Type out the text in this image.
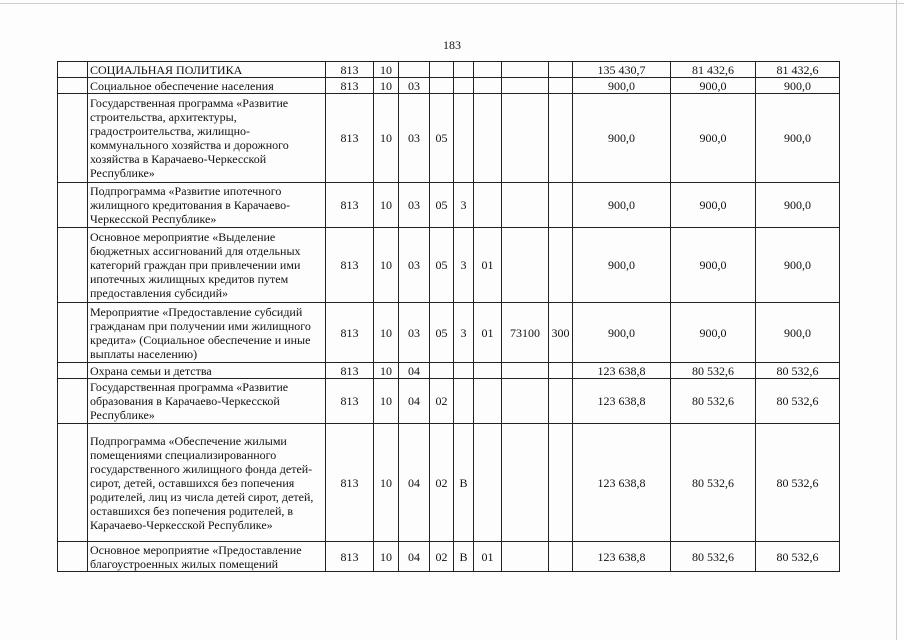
183
	СОЦИАЛЬНАЯ ПОЛИТИКА	813	10							135 430,7	81 432,6	81 432,6
	Социальное обеспечение населения	813	10	03						900,0	900,0	900,0
	Государственная программа «Развитие строительства, архитектуры, градостроительства, жилищно-коммунального хозяйства и дорожного хозяйства в Карачаево-Черкесской Республике»	813	10	03	05					900,0	900,0	900,0
	Подпрограмма «Развитие ипотечного жилищного кредитования в Карачаево-Черкесской Республике»	813	10	03	05	3				900,0	900,0	900,0
	Основное мероприятие «Выделение бюджетных ассигнований для отдельных категорий граждан при привлечении ими ипотечных жилищных кредитов путем предоставления субсидий»	813	10	03	05	3	01			900,0	900,0	900,0
	Мероприятие «Предоставление субсидий гражданам при получении ими жилищного кредита» (Социальное обеспечение и иные выплаты населению)	813	10	03	05	3	01	73100	300	900,0	900,0	900,0
	Охрана семьи и детства	813	10	04						123 638,8	80 532,6	80 532,6
	Государственная программа «Развитие образования в Карачаево-Черкесской Республике»	813	10	04	02					123 638,8	80 532,6	80 532,6
	Подпрограмма «Обеспечение жилыми помещениями специализированного государственного жилищного фонда детей-сирот, детей, оставшихся без попечения родителей, лиц из числа детей сирот, детей, оставшихся без попечения родителей, в Карачаево-Черкесской Республике»	813	10	04	02	В				123 638,8	80 532,6	80 532,6
	Основное мероприятие «Предоставление благоустроенных жилых помещений	813	10	04	02	В	01			123 638,8	80 532,6	80 532,6
